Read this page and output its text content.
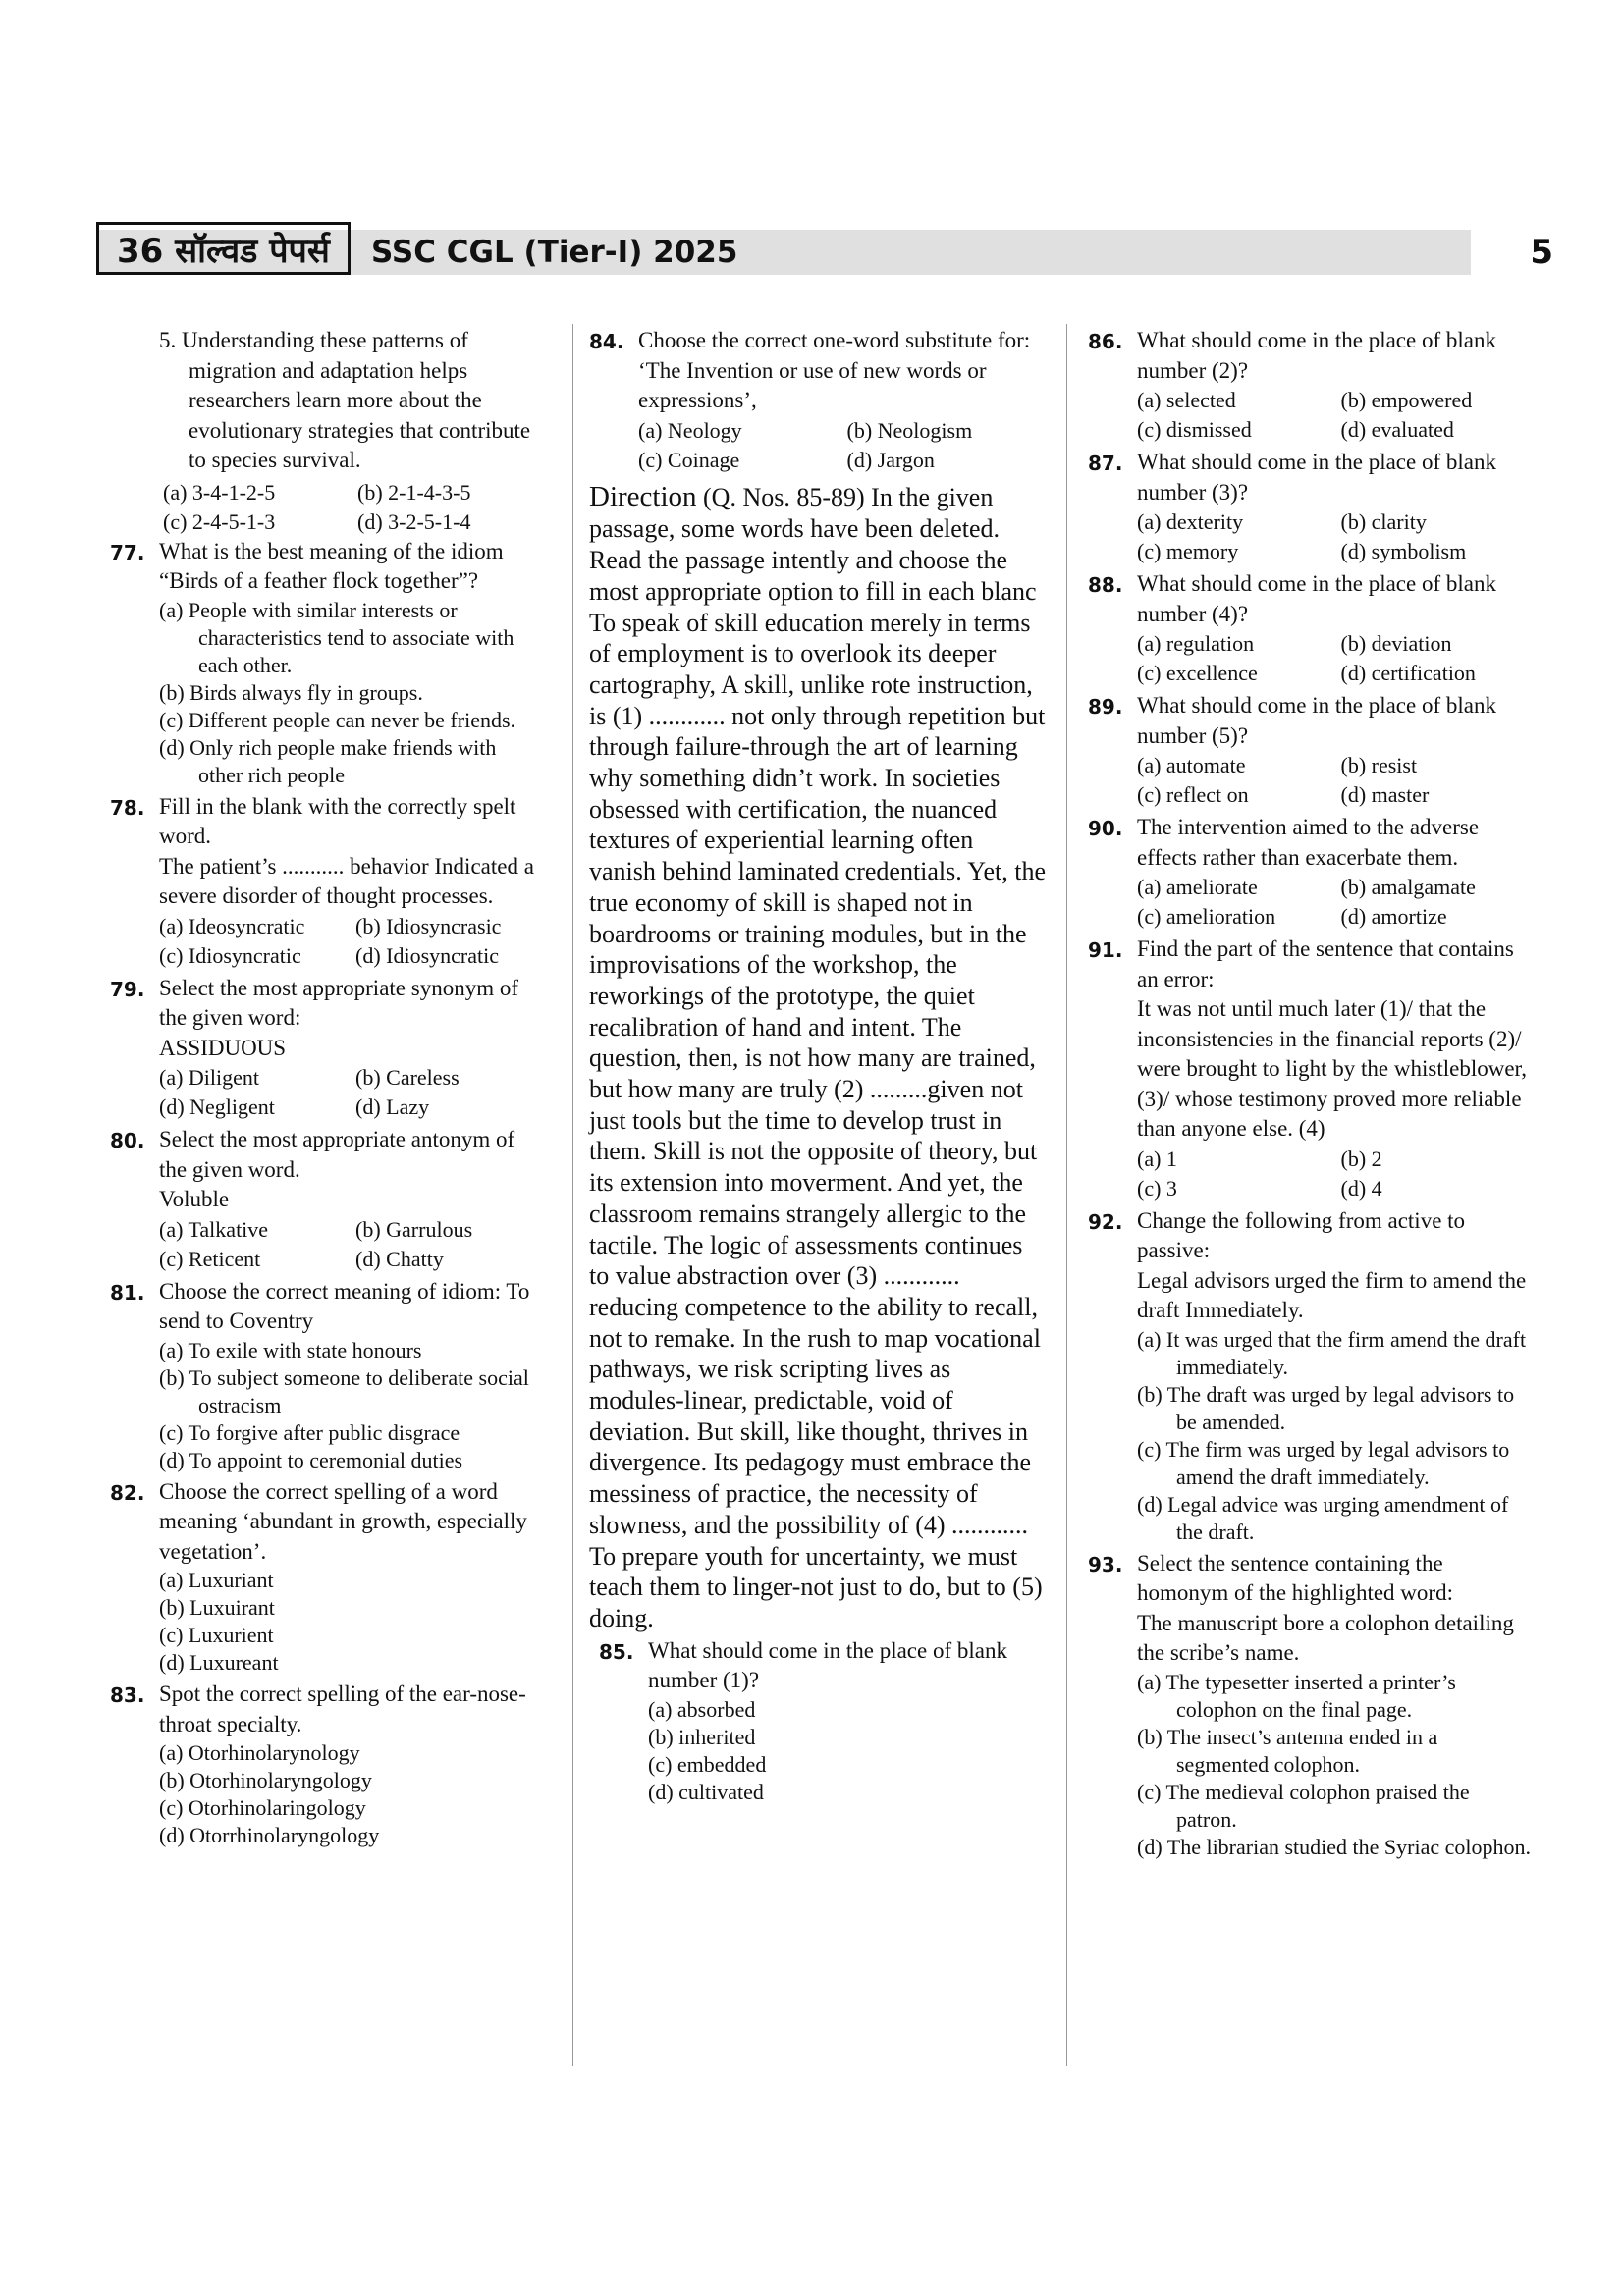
36 सॉल्वड पेपर्स	SSC CGL (Tier-I) 2025	5
5. Understanding these patterns of migration and adaptation helps researchers learn more about the evolutionary strategies that contribute to species survival.
(a) 3-4-1-2-5	(b) 2-1-4-3-5
(c) 2-4-5-1-3	(d) 3-2-5-1-4
77. What is the best meaning of the idiom “Birds of a feather flock together”?
(a) People with similar interests or characteristics tend to associate with each other.
(b) Birds always fly in groups.
(c) Different people can never be friends.
(d) Only rich people make friends with other rich people
78. Fill in the blank with the correctly spelt word.
The patient’s ........... behavior Indicated a severe disorder of thought processes.
(a) Ideosyncratic	(b) Idiosyncrasic
(c) Idiosyncratic	(d) Idiosyncratic
79. Select the most appropriate synonym of the given word:
ASSIDUOUS
(a) Diligent	(b) Careless
(d) Negligent	(d) Lazy
80. Select the most appropriate antonym of the given word.
Voluble
(a) Talkative	(b) Garrulous
(c) Reticent	(d) Chatty
81. Choose the correct meaning of idiom: To send to Coventry
(a) To exile with state honours
(b) To subject someone to deliberate social ostracism
(c) To forgive after public disgrace
(d) To appoint to ceremonial duties
82. Choose the correct spelling of a word meaning ‘abundant in growth, especially vegetation’.
(a) Luxuriant
(b) Luxuirant
(c) Luxurient
(d) Luxureant
83. Spot the correct spelling of the ear-nose-throat specialty.
(a) Otorhinolarynology
(b) Otorhinolaryngology
(c) Otorhinolaringology
(d) Otorrhinolaryngology
84. Choose the correct one-word substitute for: ‘The Invention or use of new words or expressions’,
(a) Neology	(b) Neologism
(c) Coinage	(d) Jargon
Direction (Q. Nos. 85-89) In the given passage, some words have been deleted. Read the passage intently and choose the most appropriate option to fill in each blanc
To speak of skill education merely in terms of employment is to overlook its deeper cartography, A skill, unlike rote instruction, is (1) ............ not only through repetition but through failure-through the art of learning why something didn’t work. In societies obsessed with certification, the nuanced textures of experiential learning often vanish behind laminated credentials. Yet, the true economy of skill is shaped not in boardrooms or training modules, but in the improvisations of the workshop, the reworkings of the prototype, the quiet recalibration of hand and intent. The question, then, is not how many are trained, but how many are truly (2) .........given not just tools but the time to develop trust in them. Skill is not the opposite of theory, but its extension into moverment. And yet, the classroom remains strangely allergic to the tactile. The logic of assessments continues to value abstraction over (3) ............ reducing competence to the ability to recall, not to remake. In the rush to map vocational pathways, we risk scripting lives as modules-linear, predictable, void of deviation. But skill, like thought, thrives in divergence. Its pedagogy must embrace the messiness of practice, the necessity of slowness, and the possibility of (4) ............ To prepare youth for uncertainty, we must teach them to linger-not just to do, but to (5) doing.
85. What should come in the place of blank number (1)?
(a) absorbed
(b) inherited
(c) embedded
(d) cultivated
86. What should come in the place of blank number (2)?
(a) selected	(b) empowered
(c) dismissed	(d) evaluated
87. What should come in the place of blank number (3)?
(a) dexterity	(b) clarity
(c) memory	(d) symbolism
88. What should come in the place of blank number (4)?
(a) regulation	(b) deviation
(c) excellence	(d) certification
89. What should come in the place of blank number (5)?
(a) automate	(b) resist
(c) reflect on	(d) master
90. The intervention aimed to the adverse effects rather than exacerbate them.
(a) ameliorate	(b) amalgamate
(c) amelioration	(d) amortize
91. Find the part of the sentence that contains an error:
It was not until much later (1)/ that the inconsistencies in the financial reports (2)/ were brought to light by the whistleblower, (3)/ whose testimony proved more reliable than anyone else. (4)
(a) 1	(b) 2
(c) 3	(d) 4
92. Change the following from active to passive:
Legal advisors urged the firm to amend the draft Immediately.
(a) It was urged that the firm amend the draft immediately.
(b) The draft was urged by legal advisors to be amended.
(c) The firm was urged by legal advisors to amend the draft immediately.
(d) Legal advice was urging amendment of the draft.
93. Select the sentence containing the homonym of the highlighted word:
The manuscript bore a colophon detailing the scribe’s name.
(a) The typesetter inserted a printer’s colophon on the final page.
(b) The insect’s antenna ended in a segmented colophon.
(c) The medieval colophon praised the patron.
(d) The librarian studied the Syriac colophon.
